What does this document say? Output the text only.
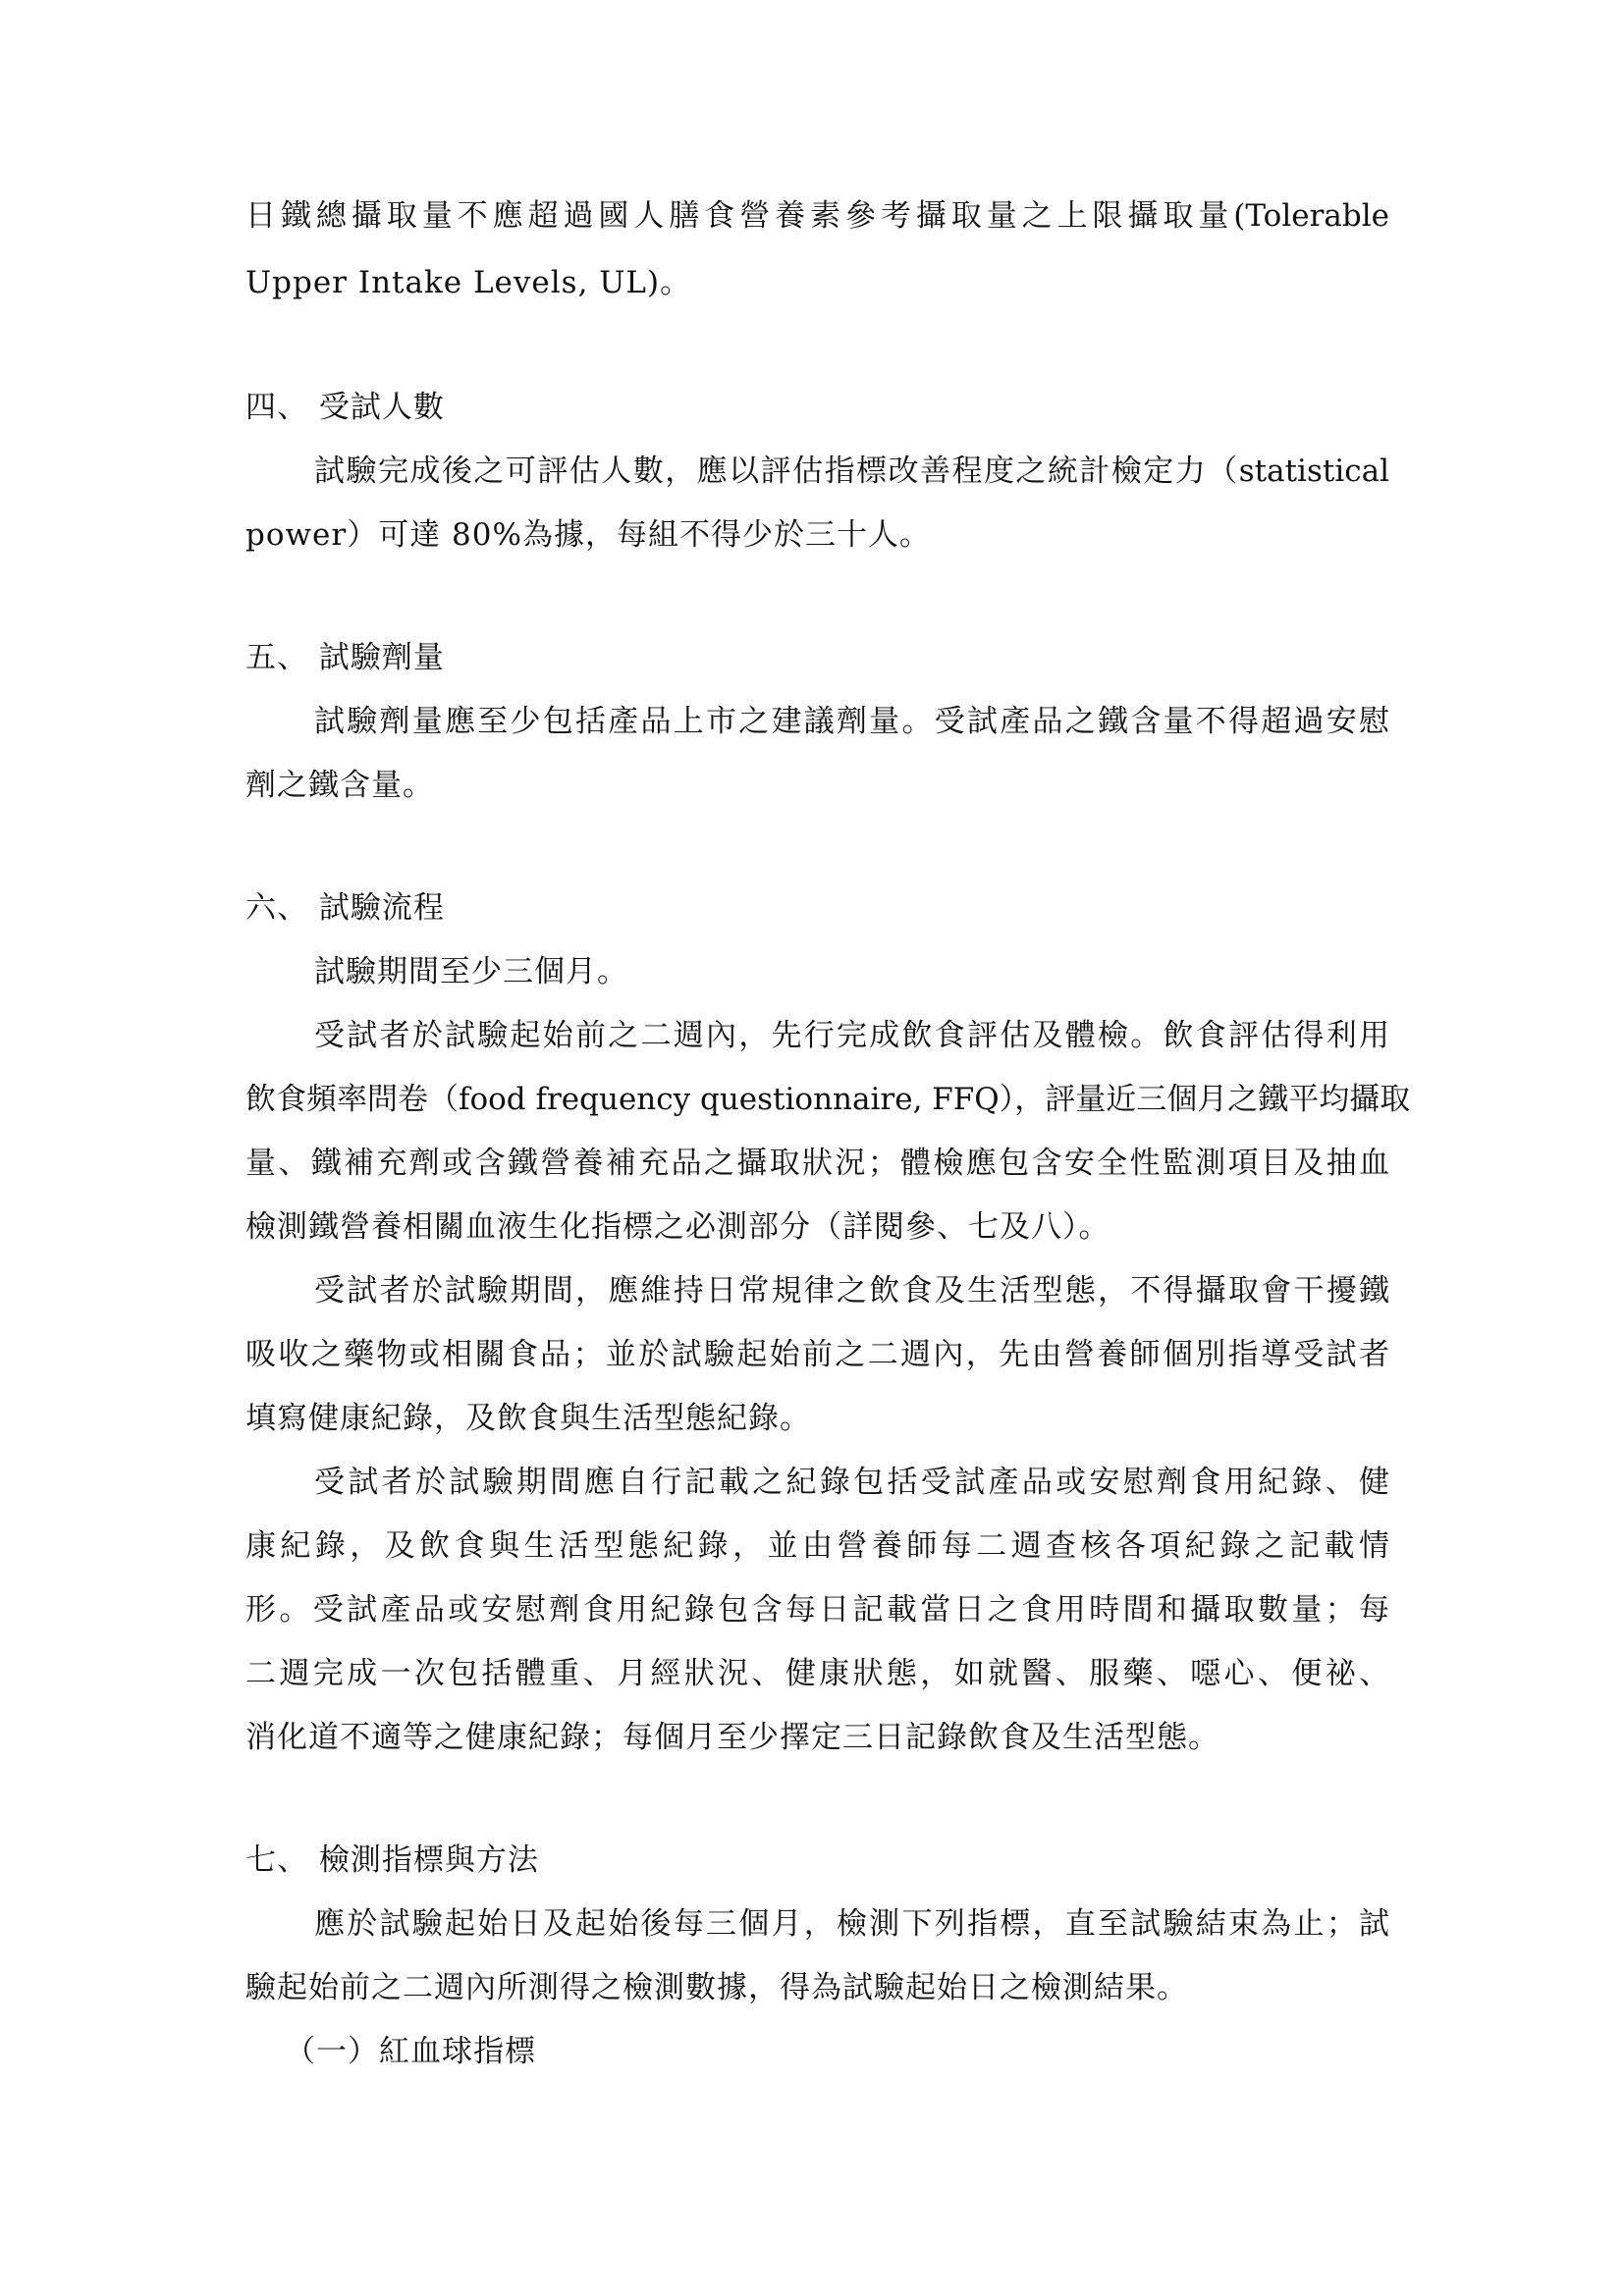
日鐵總攝取量不應超過國人膳食營養素參考攝取量之上限攝取量(Tolerable
Upper Intake Levels, UL)。
四、 受試人數
試驗完成後之可評估人數，應以評估指標改善程度之統計檢定力（statistical
power）可達 80%為據，每組不得少於三十人。
五、 試驗劑量
試驗劑量應至少包括產品上市之建議劑量。受試產品之鐵含量不得超過安慰
劑之鐵含量。
六、 試驗流程
試驗期間至少三個月。
受試者於試驗起始前之二週內，先行完成飲食評估及體檢。飲食評估得利用
飲食頻率問卷（food frequency questionnaire, FFQ），評量近三個月之鐵平均攝取
量、鐵補充劑或含鐵營養補充品之攝取狀況；體檢應包含安全性監測項目及抽血
檢測鐵營養相關血液生化指標之必測部分（詳閱參、七及八）。
受試者於試驗期間，應維持日常規律之飲食及生活型態，不得攝取會干擾鐵
吸收之藥物或相關食品；並於試驗起始前之二週內，先由營養師個別指導受試者
填寫健康紀錄，及飲食與生活型態紀錄。
受試者於試驗期間應自行記載之紀錄包括受試產品或安慰劑食用紀錄、健
康紀錄，及飲食與生活型態紀錄，並由營養師每二週查核各項紀錄之記載情
形。受試產品或安慰劑食用紀錄包含每日記載當日之食用時間和攝取數量；每
二週完成一次包括體重、月經狀況、健康狀態，如就醫、服藥、噁心、便祕、
消化道不適等之健康紀錄；每個月至少擇定三日記錄飲食及生活型態。
七、 檢測指標與方法
應於試驗起始日及起始後每三個月，檢測下列指標，直至試驗結束為止；試
驗起始前之二週內所測得之檢測數據，得為試驗起始日之檢測結果。
（一）紅血球指標
